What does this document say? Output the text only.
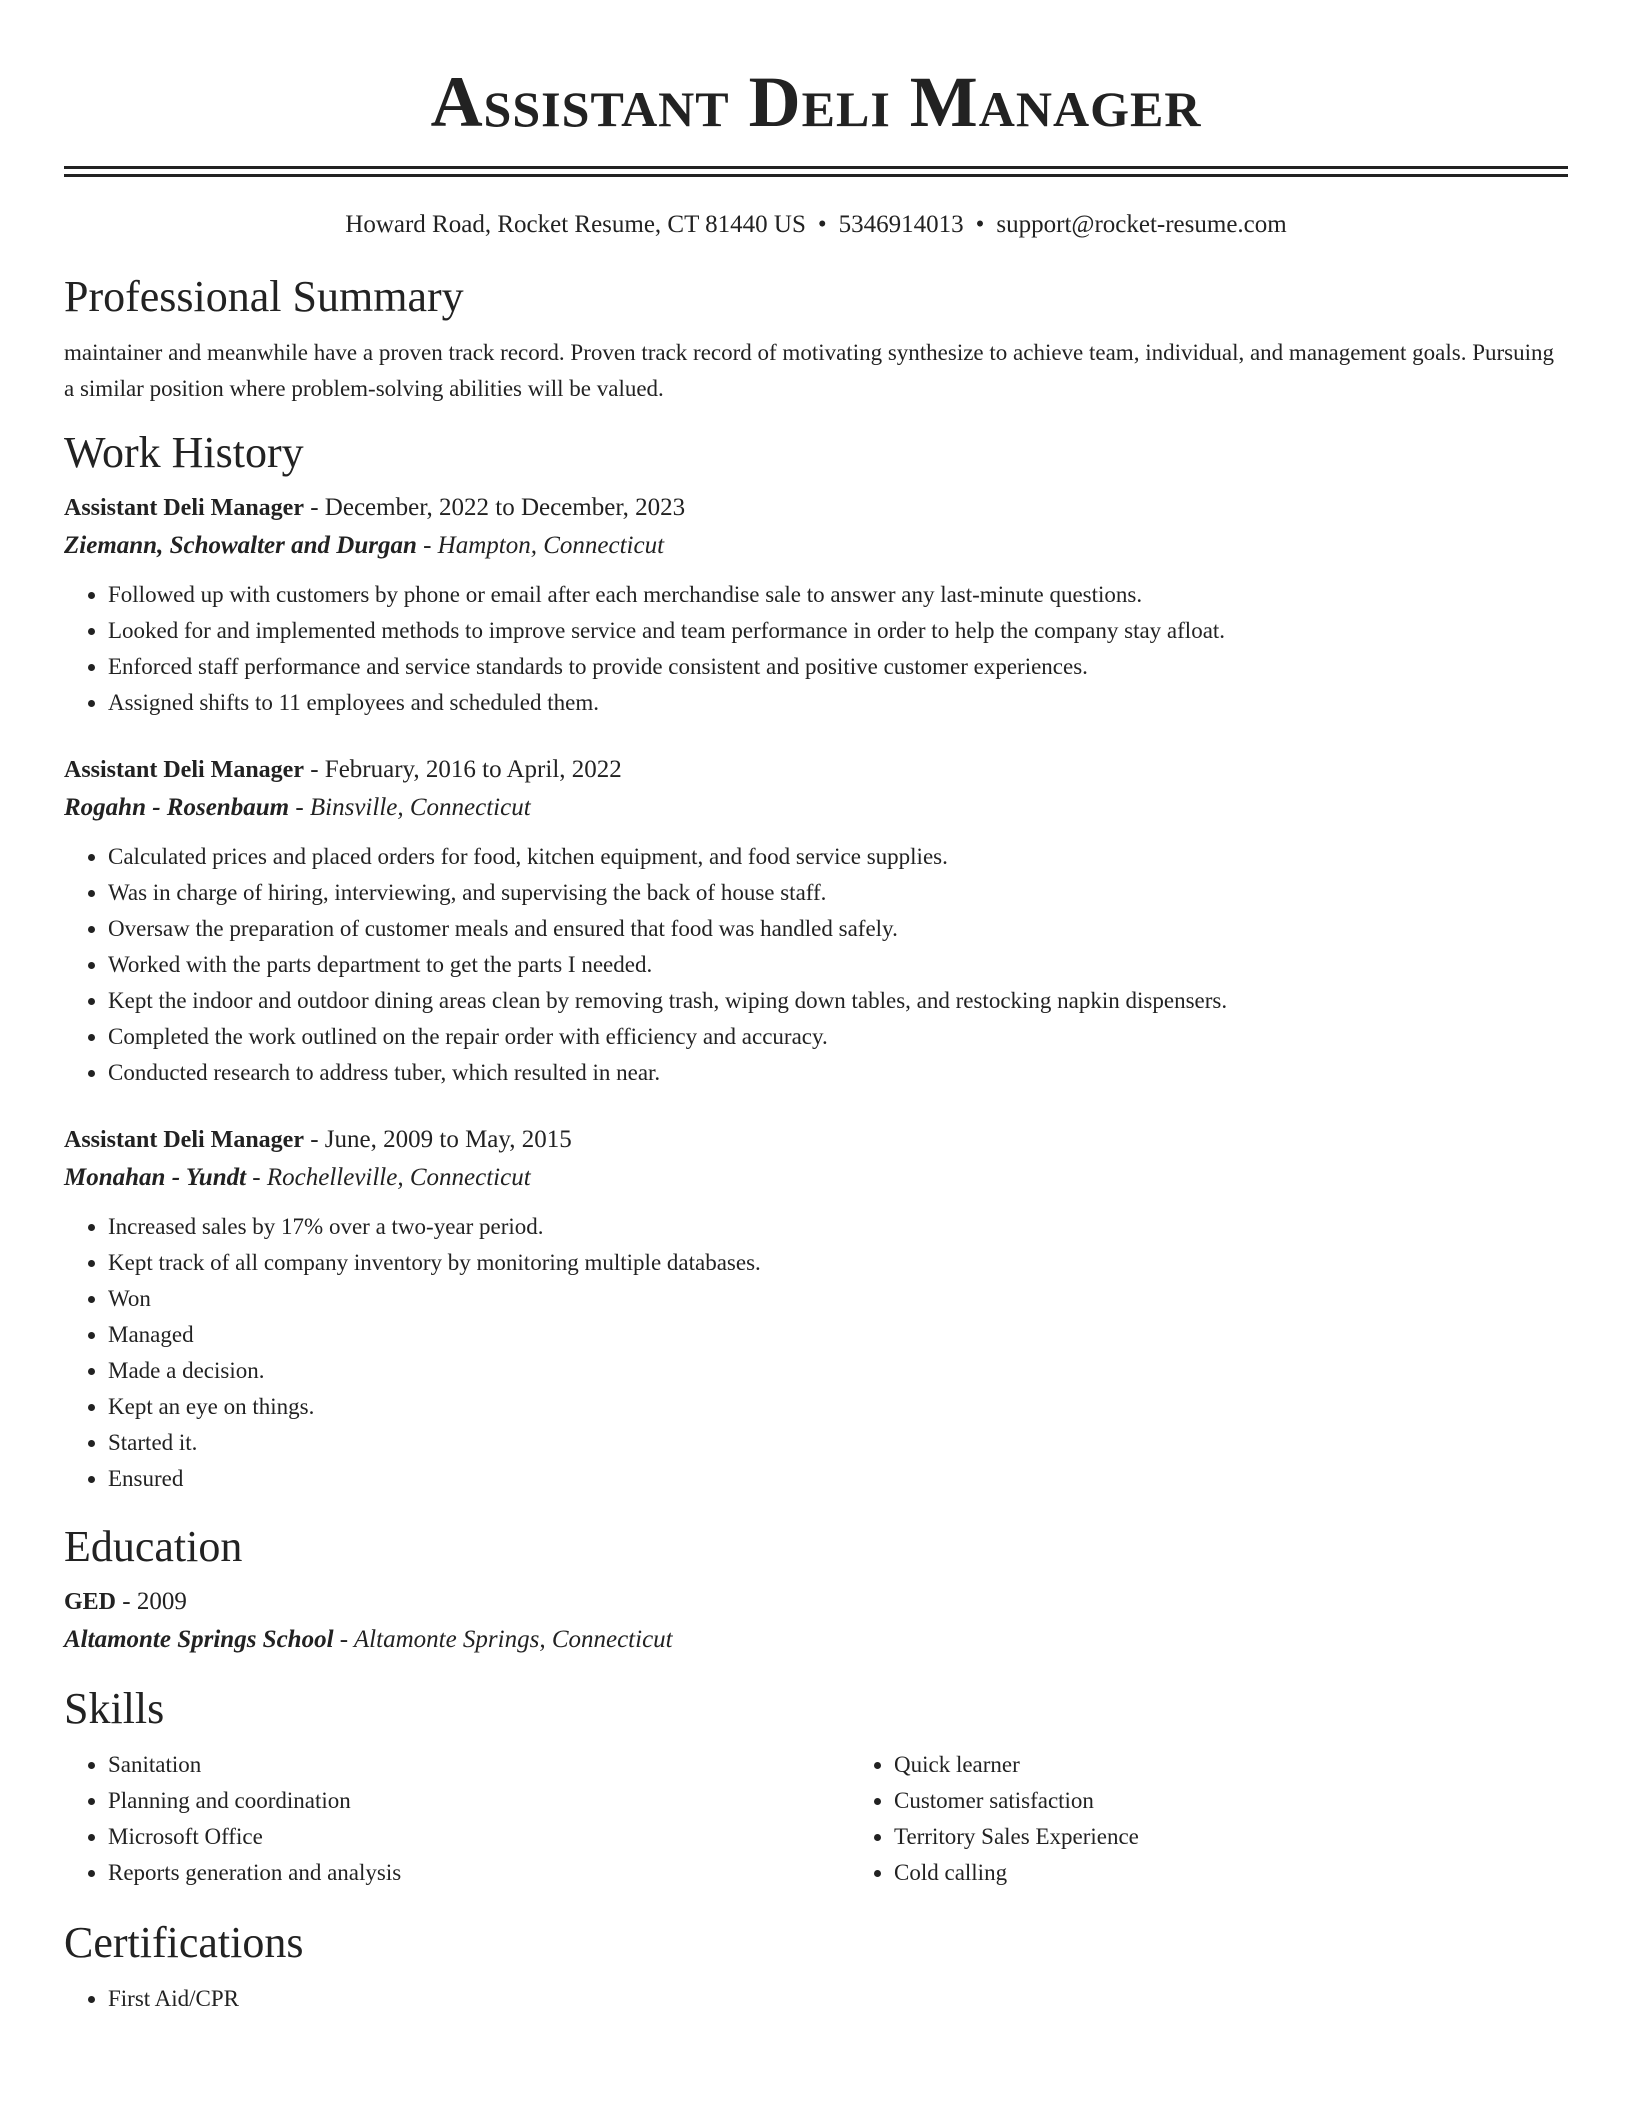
Assistant Deli Manager
Howard Road, Rocket Resume, CT 81440 US • 5346914013 • support@rocket-resume.com
Professional Summary

maintainer and meanwhile have a proven track record. Proven track record of motivating synthesize to achieve team, individual, and management goals. Pursuing a similar position where problem-solving abilities will be valued.

Work History
Assistant Deli Manager - December, 2022 to December, 2023
Ziemann, Schowalter and Durgan - Hampton, Connecticut
• Followed up with customers by phone or email after each merchandise sale to answer any last-minute questions.
• Looked for and implemented methods to improve service and team performance in order to help the company stay afloat.
• Enforced staff performance and service standards to provide consistent and positive customer experiences.
• Assigned shifts to 11 employees and scheduled them.
Assistant Deli Manager - February, 2016 to April, 2022
Rogahn - Rosenbaum - Binsville, Connecticut
• Calculated prices and placed orders for food, kitchen equipment, and food service supplies.
• Was in charge of hiring, interviewing, and supervising the back of house staff.
• Oversaw the preparation of customer meals and ensured that food was handled safely.
• Worked with the parts department to get the parts I needed.
• Kept the indoor and outdoor dining areas clean by removing trash, wiping down tables, and restocking napkin dispensers.
• Completed the work outlined on the repair order with efficiency and accuracy.
• Conducted research to address tuber, which resulted in near.
Assistant Deli Manager - June, 2009 to May, 2015
Monahan - Yundt - Rochelleville, Connecticut
• Increased sales by 17% over a two-year period.
• Kept track of all company inventory by monitoring multiple databases.
• Won
• Managed
• Made a decision.
• Kept an eye on things.
• Started it.
• Ensured
Education
GED - 2009
Altamonte Springs School - Altamonte Springs, Connecticut
Skills
• Sanitation
• Planning and coordination
• Microsoft Office
• Reports generation and analysis
• Quick learner
• Customer satisfaction
• Territory Sales Experience
• Cold calling
Certifications
• First Aid/CPR
